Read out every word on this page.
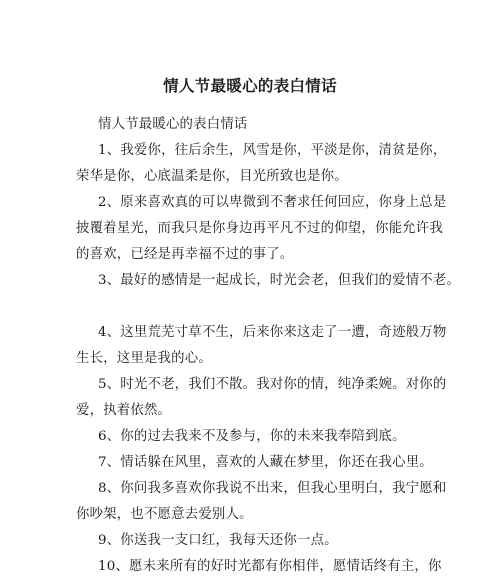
情人节最暖心的表白情话
情人节最暖心的表白情话
1、我爱你，往后余生，风雪是你，平淡是你，清贫是你，
荣华是你，心底温柔是你，目光所致也是你。
2、原来喜欢真的可以卑微到不奢求任何回应，你身上总是
披覆着星光，而我只是你身边再平凡不过的仰望，你能允许我
的喜欢，已经是再幸福不过的事了。
3、最好的感情是一起成长，时光会老，但我们的爱情不老。
4、这里荒芜寸草不生，后来你来这走了一遭，奇迹般万物
生长，这里是我的心。
5、时光不老，我们不散。我对你的情，纯净柔婉。对你的
爱，执着依然。
6、你的过去我来不及参与，你的未来我奉陪到底。
7、情话躲在风里，喜欢的人藏在梦里，你还在我心里。
8、你问我多喜欢你我说不出来，但我心里明白，我宁愿和
你吵架，也不愿意去爱别人。
9、你送我一支口红，我每天还你一点。
10、愿未来所有的好时光都有你相伴，愿情话终有主，你
